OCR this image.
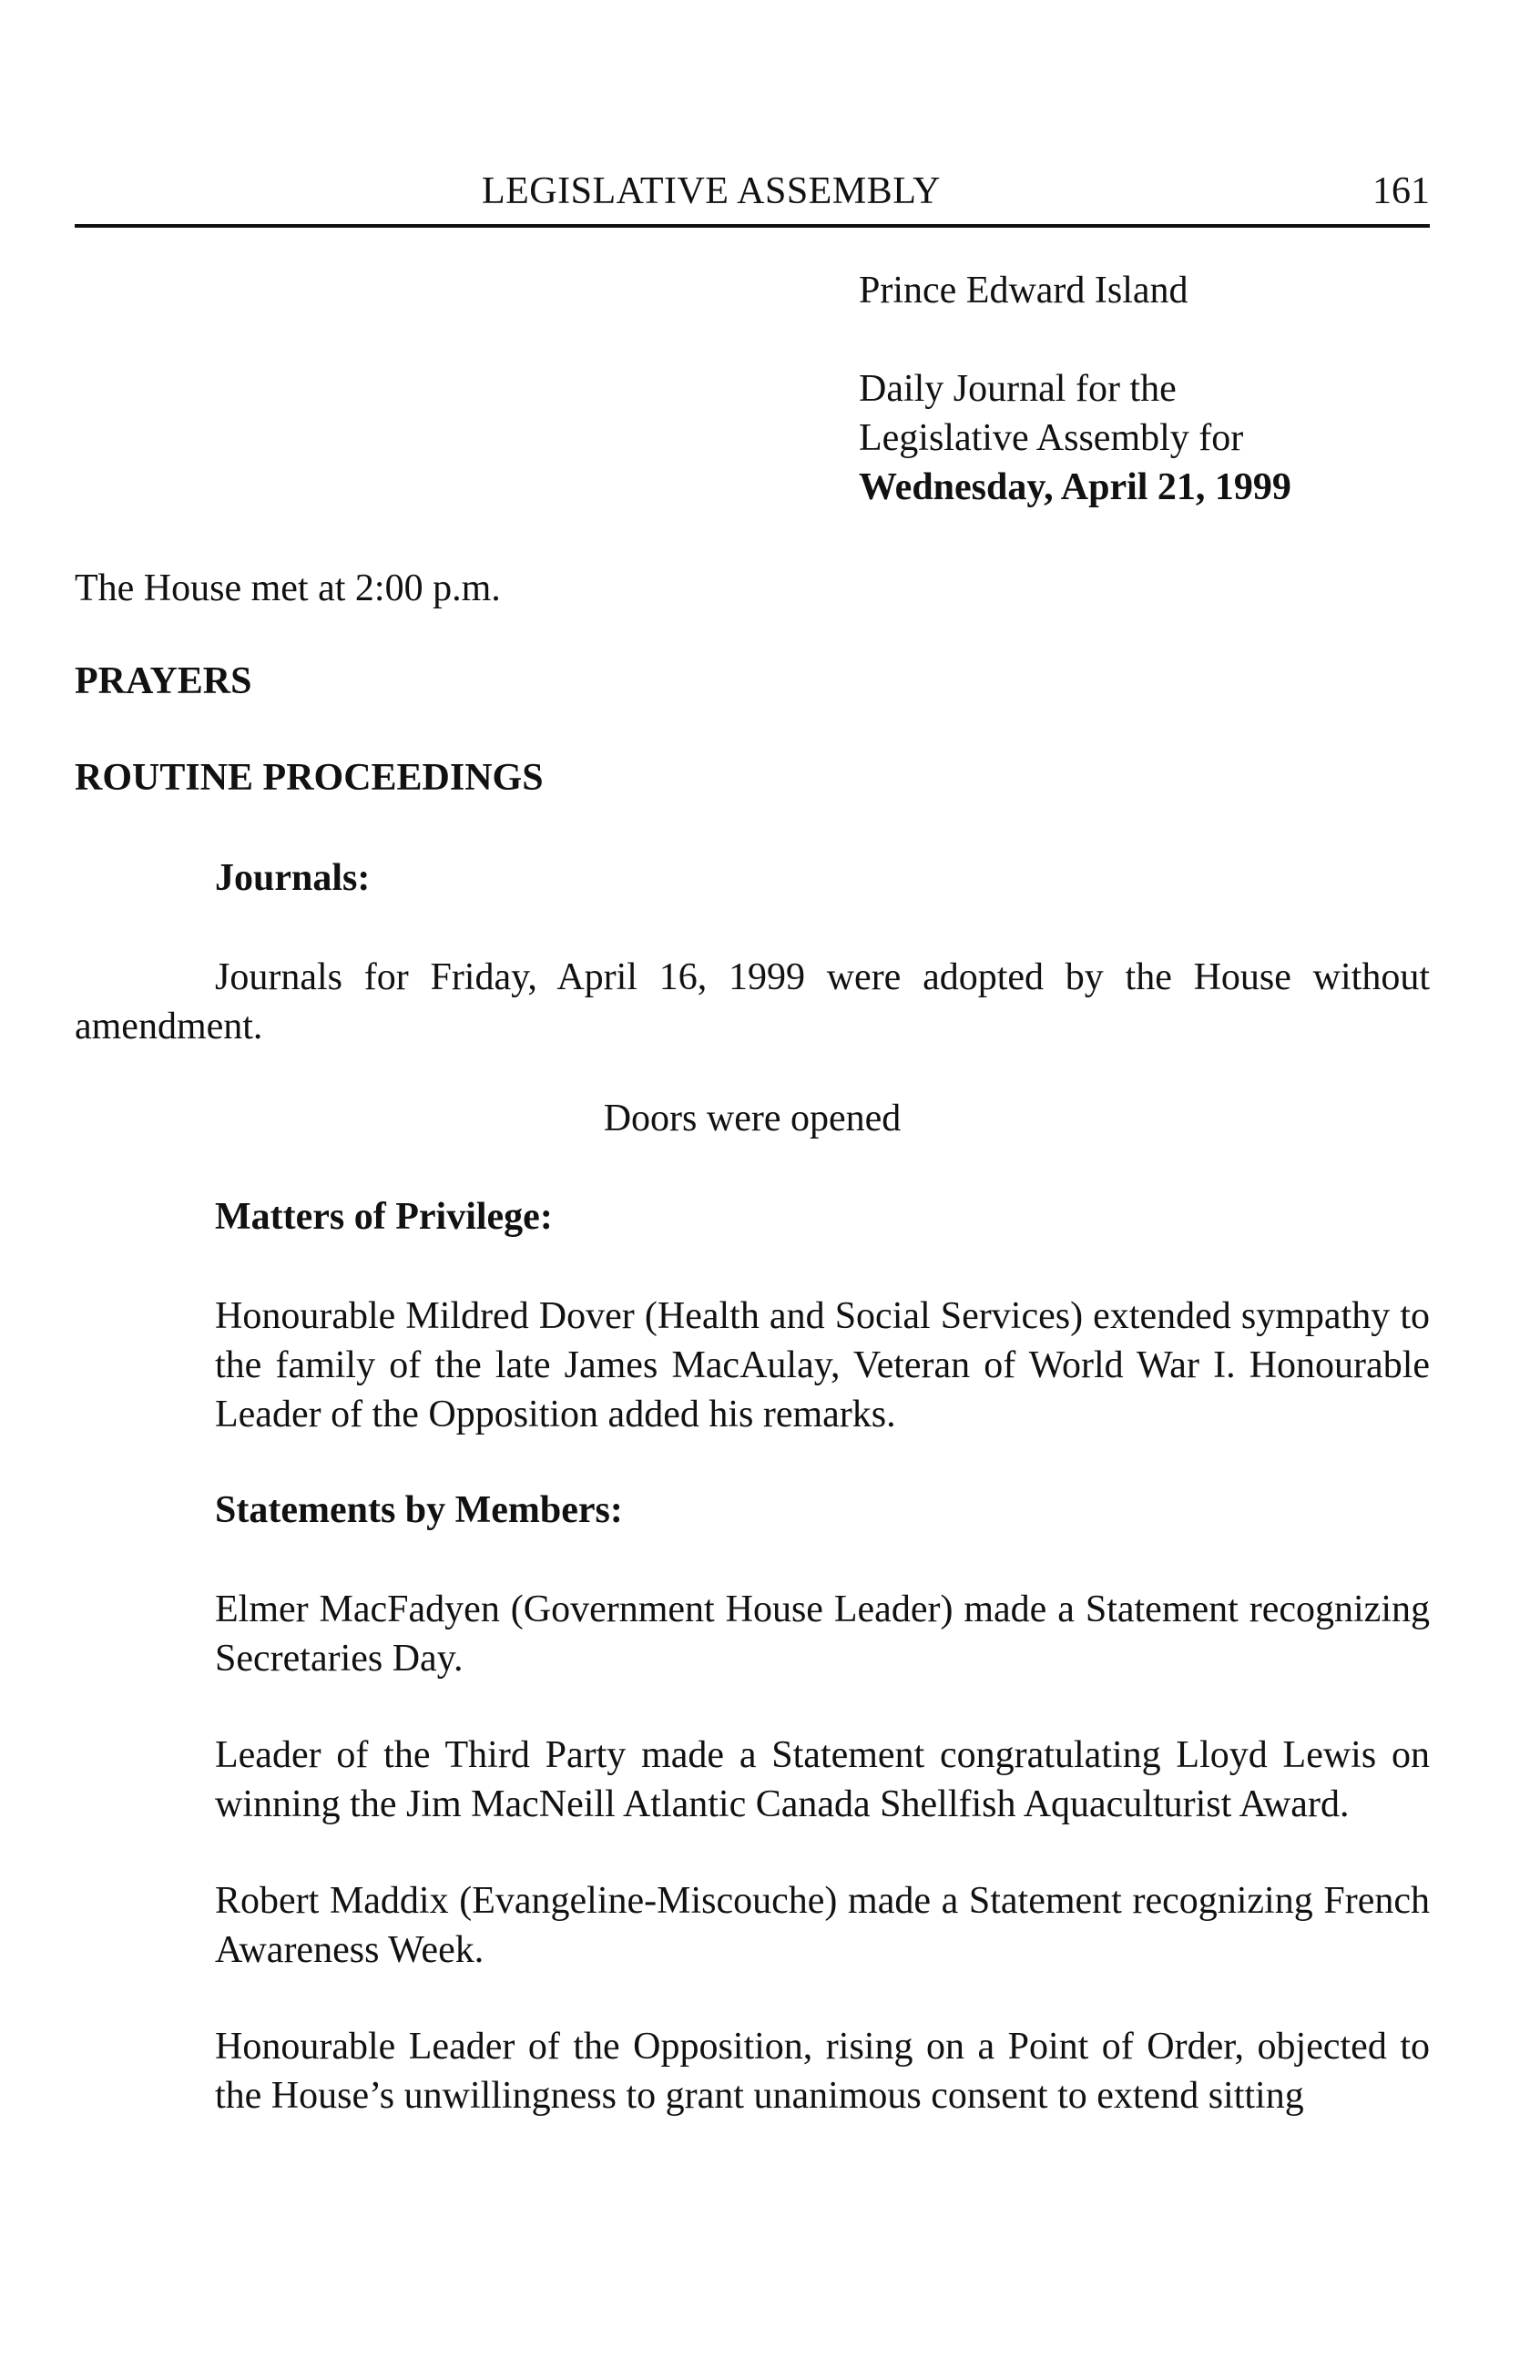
LEGISLATIVE ASSEMBLY	161
Prince Edward Island
Daily Journal for the
Legislative Assembly for
Wednesday, April 21, 1999
The House met at 2:00 p.m.
PRAYERS
ROUTINE PROCEEDINGS
Journals:
Journals for Friday, April 16, 1999 were adopted by the House without amendment.
Doors were opened
Matters of Privilege:
Honourable Mildred Dover (Health and Social Services) extended sympathy to the family of the late James MacAulay, Veteran of World War I. Honourable Leader of the Opposition added his remarks.
Statements by Members:
Elmer MacFadyen (Government House Leader) made a Statement recognizing Secretaries Day.
Leader of the Third Party made a Statement congratulating Lloyd Lewis on winning the Jim MacNeill Atlantic Canada Shellfish Aquaculturist Award.
Robert Maddix (Evangeline-Miscouche) made a Statement recognizing French Awareness Week.
Honourable Leader of the Opposition, rising on a Point of Order, objected to the House’s unwillingness to grant unanimous consent to extend sitting
